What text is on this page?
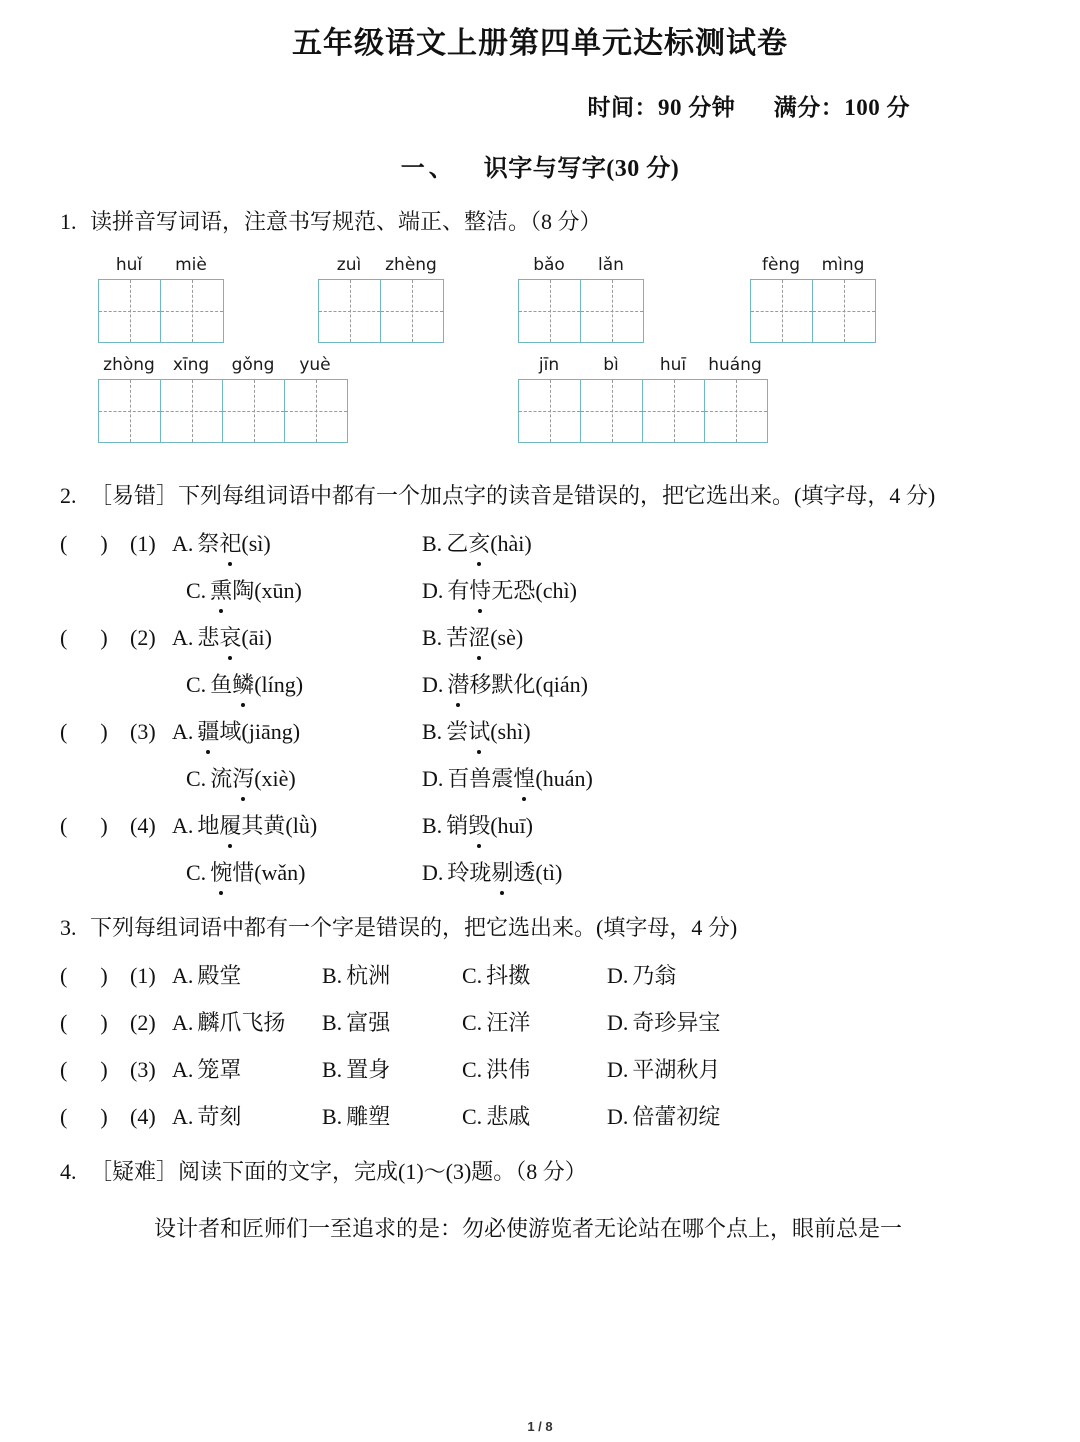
五年级语文上册第四单元达标测试卷
时间：90 分钟 满分：100 分
一、 识字与写字(30 分)
1. 读拼音写词语，注意书写规范、端正、整洁。（8 分）
huǐ	miè	zuì	zhèng	bǎo	lǎn	fèng	mìng
zhòng	xīng	gǒng	yuè	jīn	bì	huī	huáng
2. ［易错］下列每组词语中都有一个加点字的读音是错误的，把它选出来。(填字母，4 分)
(  )	(1) A. 祭祀(sì)	B. 乙亥(hài)
C. 熏陶(xūn)	D. 有恃无恐(chì)
(  )	(2) A. 悲哀(āi)	B. 苦涩(sè)
C. 鱼鳞(líng)	D. 潜移默化(qián)
(  )	(3) A. 疆域(jiāng)	B. 尝试(shì)
C. 流泻(xiè)	D. 百兽震惶(huán)
(  )	(4) A. 地履其黄(lǜ)	B. 销毁(huī)
C. 惋惜(wǎn)	D. 玲珑剔透(tì)
3. 下列每组词语中都有一个字是错误的，把它选出来。(填字母，4 分)
(  )	(1) A. 殿堂	B. 杭洲	C. 抖擞	D. 乃翁
(  )	(2) A. 麟爪飞扬	B. 富强	C. 汪洋	D. 奇珍异宝
(  )	(3) A. 笼罩	B. 置身	C. 洪伟	D. 平湖秋月
(  )	(4) A. 苛刻	B. 雕塑	C. 悲戚	D. 倍蕾初绽
4. ［疑难］阅读下面的文字，完成(1)～(3)题。（8 分）
设计者和匠师们一至追求的是：勿必使游览者无论站在哪个点上，眼前总是一
1 / 8
